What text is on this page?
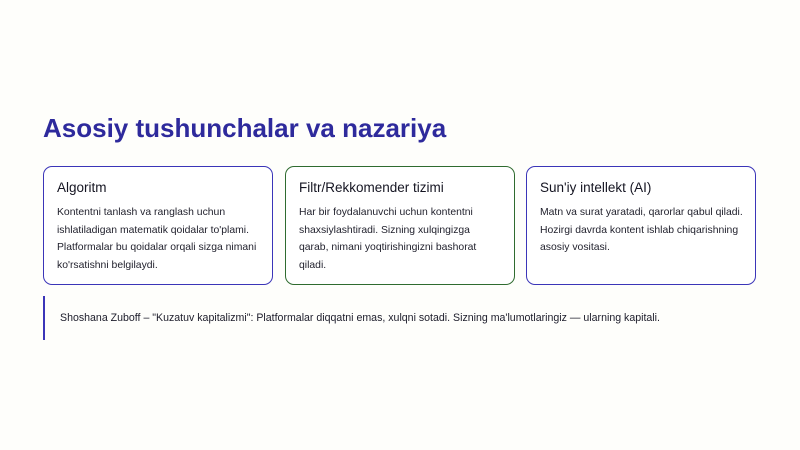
Asosiy tushunchalar va nazariya
Algoritm

Kontentni tanlash va ranglash uchun ishlatiladigan matematik qoidalar to'plami. Platformalar bu qoidalar orqali sizga nimani ko'rsatishni belgilaydi.

Filtr/Rekkomender tizimi

Har bir foydalanuvchi uchun kontentni shaxsiylashtiradi. Sizning xulqingizga qarab, nimani yoqtirishingizni bashorat qiladi.

Sun'iy intellekt (AI)

Matn va surat yaratadi, qarorlar qabul qiladi. Hozirgi davrda kontent ishlab chiqarishning asosiy vositasi.

Shoshana Zuboff – "Kuzatuv kapitalizmi": Platformalar diqqatni emas, xulqni sotadi. Sizning ma'lumotlaringiz — ularning kapitali.
